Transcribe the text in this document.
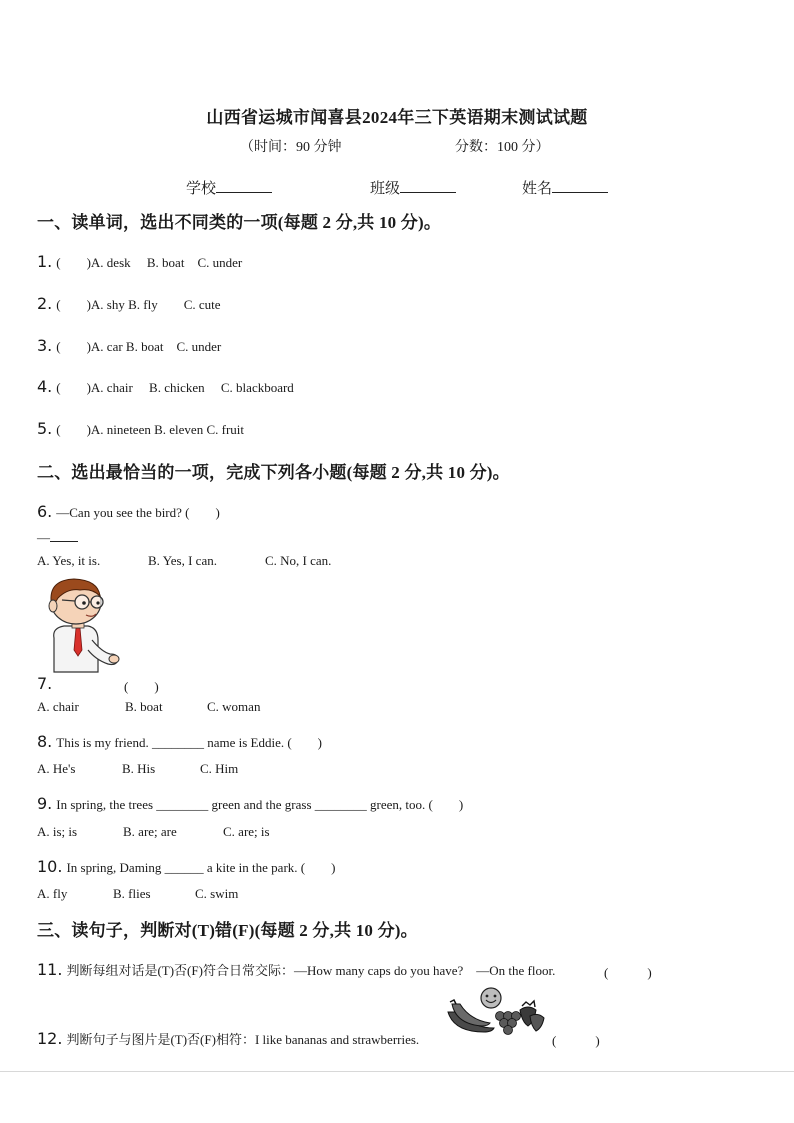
山西省运城市闻喜县2024年三下英语期末测试试题
（时间：90 分钟	分数：100 分）
学校	班级	姓名
一、读单词，选出不同类的一项(每题 2 分,共 10 分)。
1. (　　)A. desk　 B. boat　C. under
2. (　　)A. shy B. fly　　C. cute
3. (　　)A. car B. boat　C. under
4. (　　)A. chair　 B. chicken　 C. blackboard
5. (　　)A. nineteen B. eleven C. fruit
二、选出最恰当的一项，完成下列各小题(每题 2 分,共 10 分)。
6. —Can you see the bird? (　　)
—
A. Yes, it is.	B. Yes, I can.	C. No, I can.
7.	(　　)
A. chair	B. boat	C. woman
8. This is my friend. ________ name is Eddie. (　　)
A. He's	B. His	C. Him
9. In spring, the trees ________ green and the grass ________ green, too. (　　)
A. is; is	B. are; are	C. are; is
10. In spring, Daming ______ a kite in the park. (　　)
A. fly	B. flies	C. swim
三、读句子，判断对(T)错(F)(每题 2 分,共 10 分)。
11. 判断每组对话是(T)否(F)符合日常交际：—How many caps do you have?　—On the floor.	(　　　)
12. 判断句子与图片是(T)否(F)相符：I like bananas and strawberries.	(　　　)
